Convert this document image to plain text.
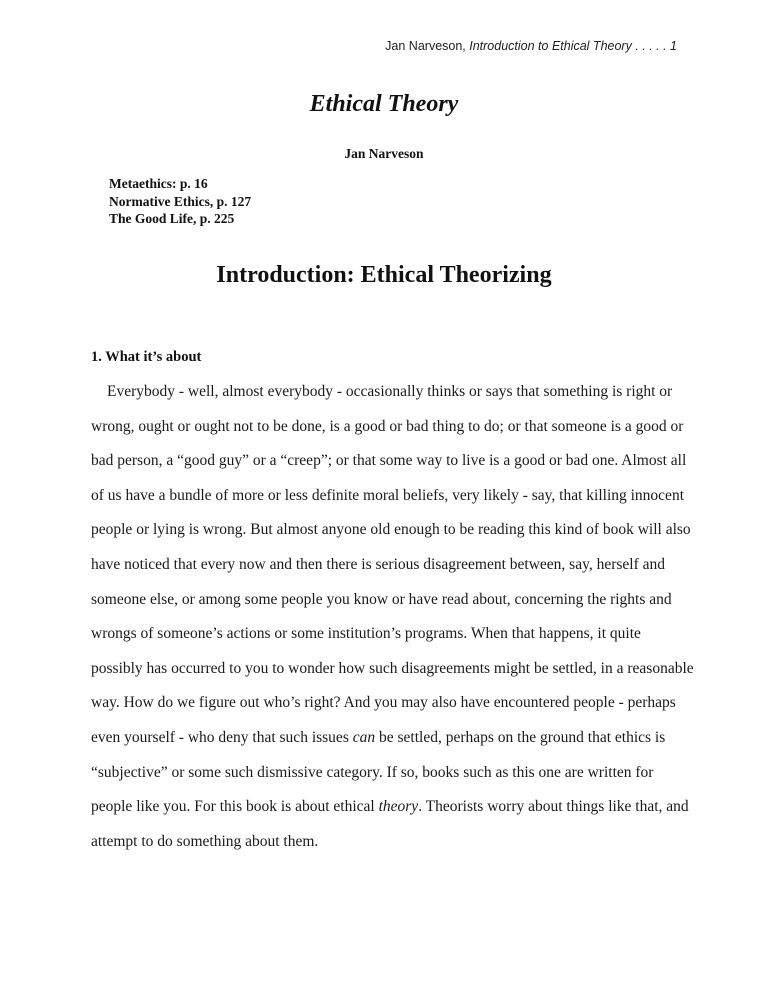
Jan Narveson, Introduction to Ethical Theory . . . . . 1
Ethical Theory
Jan Narveson
Metaethics: p. 16
Normative Ethics, p. 127
The Good Life, p. 225
Introduction: Ethical Theorizing
1. What it’s about
Everybody - well, almost everybody - occasionally thinks or says that something is right or
wrong, ought or ought not to be done, is a good or bad thing to do; or that someone is a good or
bad person, a “good guy” or a “creep”; or that some way to live is a good or bad one. Almost all
of us have a bundle of more or less definite moral beliefs, very likely - say, that killing innocent
people or lying is wrong. But almost anyone old enough to be reading this kind of book will also
have noticed that every now and then there is serious disagreement between, say, herself and
someone else, or among some people you know or have read about, concerning the rights and
wrongs of someone’s actions or some institution’s programs. When that happens, it quite
possibly has occurred to you to wonder how such disagreements might be settled, in a reasonable
way. How do we figure out who’s right? And you may also have encountered people - perhaps
even yourself - who deny that such issues can be settled, perhaps on the ground that ethics is
“subjective” or some such dismissive category. If so, books such as this one are written for
people like you. For this book is about ethical theory. Theorists worry about things like that, and
attempt to do something about them.
